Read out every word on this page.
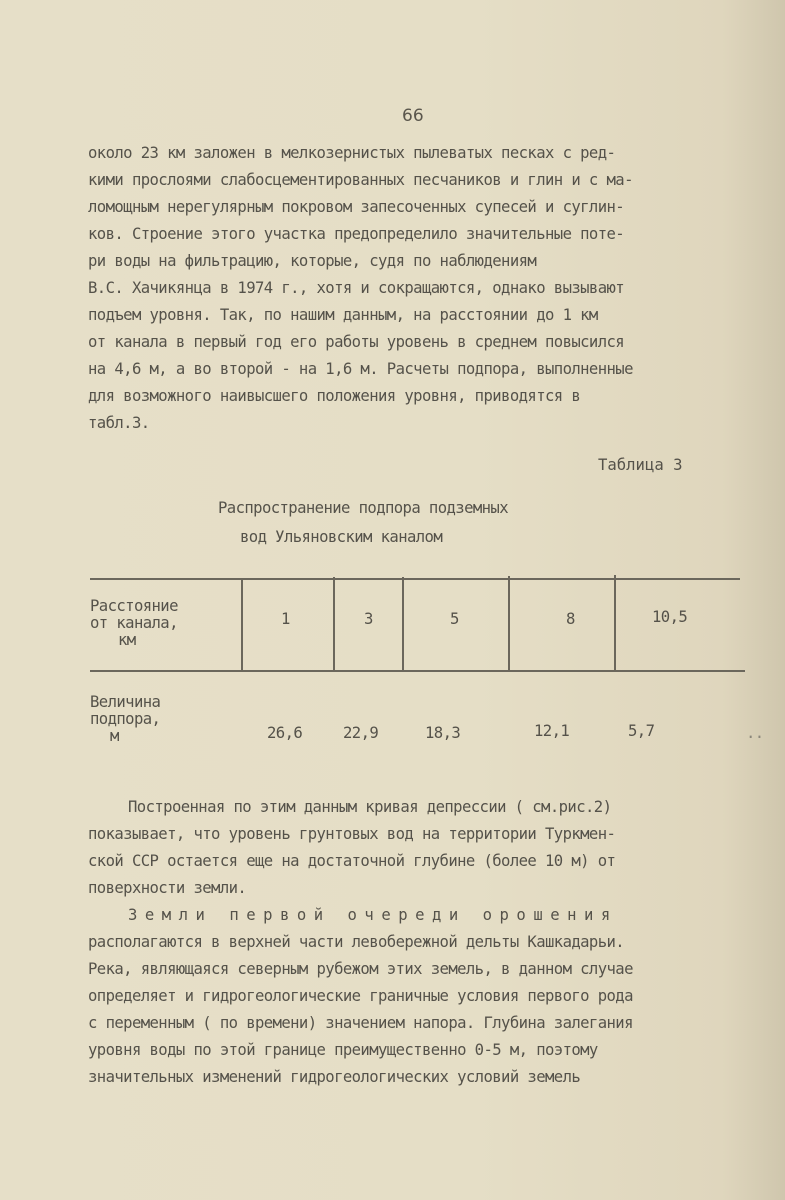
66
около 23 км заложен в мелкозернистых пылеватых песках с ред-
кими прослоями слабосцементированных песчаников и глин и с ма-
ломощным нерегулярным покровом запесоченных супесей и суглин-
ков. Строение этого участка предопределило значительные поте-
ри воды на фильтрацию, которые, судя по наблюдениям
В.С. Хачикянца в 1974 г., хотя и сокращаются, однако вызывают
подъем уровня. Так, по нашим данным, на расстоянии до 1 км
от канала в первый год его работы уровень в среднем повысился
на 4,6 м, а во второй - на 1,6 м. Расчеты подпора, выполненные
для возможного наивысшего положения уровня, приводятся в
табл.3.
Таблица 3
Распространение подпора подземных
вод Ульяновским каналом
Расстояние
от канала,
км
1	3	5	8	10,5
Величина
подпора,
м	26,6	22,9	18,3	12,1	5,7	..
Построенная по этим данным кривая депрессии ( см.рис.2)
показывает, что уровень грунтовых вод на территории Туркмен-
ской ССР остается еще на достаточной глубине (более 10 м) от
поверхности земли.
Земли первой очереди орошения
располагаются в верхней части левобережной дельты Кашкадарьи.
Река, являющаяся северным рубежом этих земель, в данном случае
определяет и гидрогеологические граничные условия первого рода
с переменным ( по времени) значением напора. Глубина залегания
уровня воды по этой границе преимущественно 0-5 м, поэтому
значительных изменений гидрогеологических условий земель
